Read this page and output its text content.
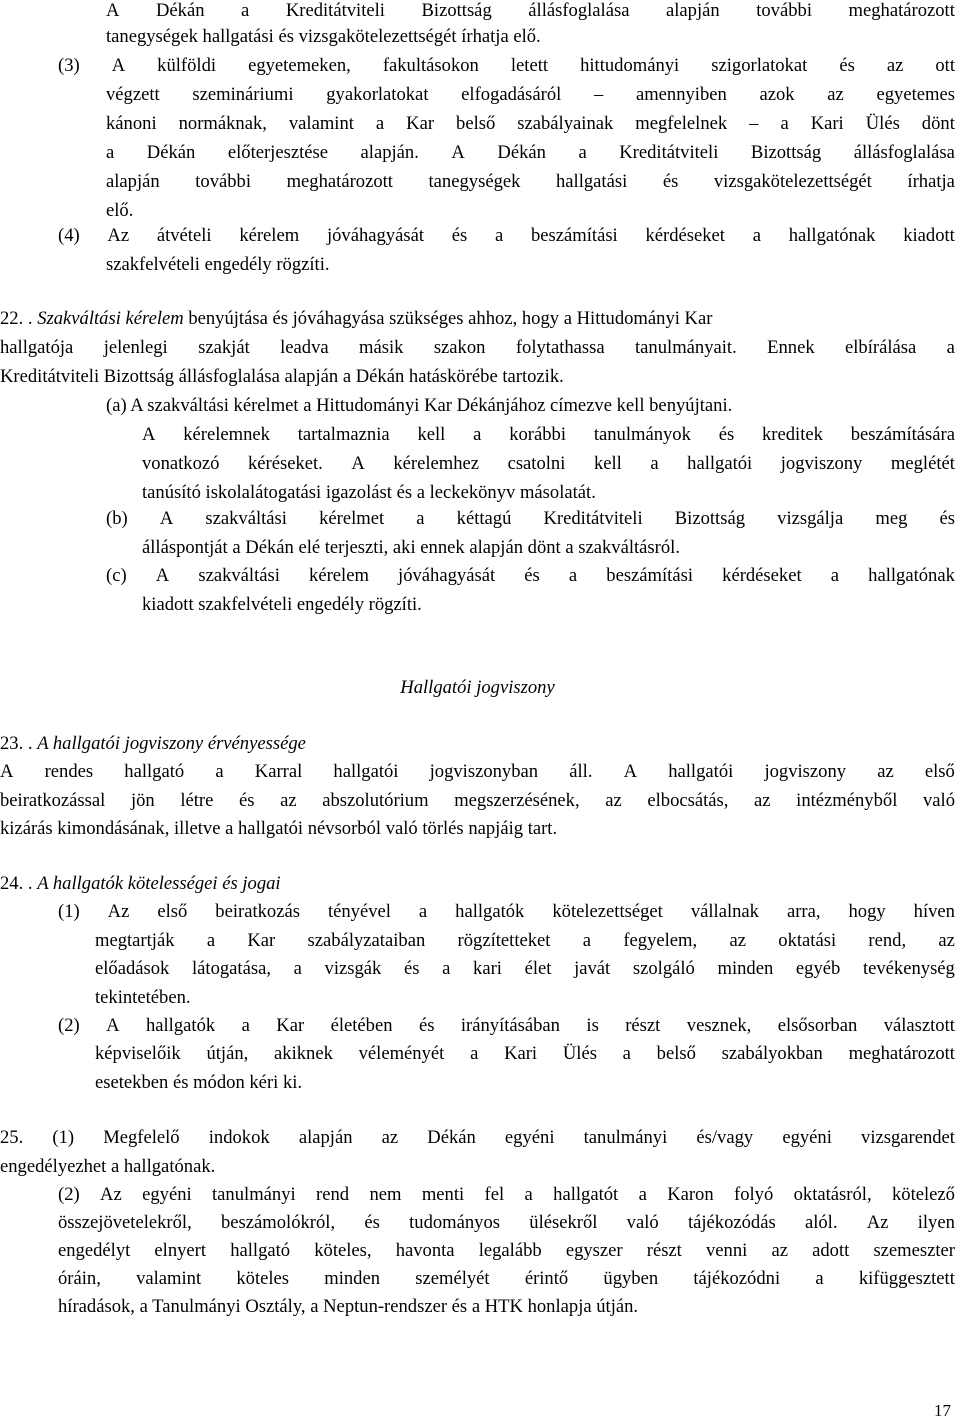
A Dékán a Kreditátviteli Bizottság állásfoglalása alapján további meghatározott
tanegységek hallgatási és vizsgakötelezettségét írhatja elő.
(3) A külföldi egyetemeken, fakultásokon letett hittudományi szigorlatokat és az ott
végzett szemináriumi gyakorlatokat elfogadásáról – amennyiben azok az egyetemes
kánoni normáknak, valamint a Kar belső szabályainak megfelelnek – a Kari Ülés dönt
a Dékán előterjesztése alapján. A Dékán a Kreditátviteli Bizottság állásfoglalása
alapján további meghatározott tanegységek hallgatási és vizsgakötelezettségét írhatja
elő.
(4) Az átvételi kérelem jóváhagyását és a beszámítási kérdéseket a hallgatónak kiadott
szakfelvételi engedély rögzíti.
22. . Szakváltási kérelem benyújtása és jóváhagyása szükséges ahhoz, hogy a Hittudományi Kar
hallgatója jelenlegi szakját leadva másik szakon folytathassa tanulmányait. Ennek elbírálása a
Kreditátviteli Bizottság állásfoglalása alapján a Dékán hatáskörébe tartozik.
(a) A szakváltási kérelmet a Hittudományi Kar Dékánjához címezve kell benyújtani.
A kérelemnek tartalmaznia kell a korábbi tanulmányok és kreditek beszámítására
vonatkozó kéréseket. A kérelemhez csatolni kell a hallgatói jogviszony meglétét
tanúsító iskolalátogatási igazolást és a leckekönyv másolatát.
(b) A szakváltási kérelmet a kéttagú Kreditátviteli Bizottság vizsgálja meg és
álláspontját a Dékán elé terjeszti, aki ennek alapján dönt a szakváltásról.
(c) A szakváltási kérelem jóváhagyását és a beszámítási kérdéseket a hallgatónak
kiadott szakfelvételi engedély rögzíti.
Hallgatói jogviszony
23. . A hallgatói jogviszony érvényessége
A rendes hallgató a Karral hallgatói jogviszonyban áll. A hallgatói jogviszony az első
beiratkozással jön létre és az abszolutórium megszerzésének, az elbocsátás, az intézményből való
kizárás kimondásának, illetve a hallgatói névsorból való törlés napjáig tart.
24. . A hallgatók kötelességei és jogai
(1) Az első beiratkozás tényével a hallgatók kötelezettséget vállalnak arra, hogy híven
megtartják a Kar szabályzataiban rögzítetteket a fegyelem, az oktatási rend, az
előadások látogatása, a vizsgák és a kari élet javát szolgáló minden egyéb tevékenység
tekintetében.
(2) A hallgatók a Kar életében és irányításában is részt vesznek, elsősorban választott
képviselőik útján, akiknek véleményét a Kari Ülés a belső szabályokban meghatározott
esetekben és módon kéri ki.
25. (1) Megfelelő indokok alapján az Dékán egyéni tanulmányi és/vagy egyéni vizsgarendet
engedélyezhet a hallgatónak.
(2) Az egyéni tanulmányi rend nem menti fel a hallgatót a Karon folyó oktatásról, kötelező
összejövetelekről, beszámolókról, és tudományos ülésekről való tájékozódás alól. Az ilyen
engedélyt elnyert hallgató köteles, havonta legalább egyszer részt venni az adott szemeszter
óráin, valamint köteles minden személyét érintő ügyben tájékozódni a kifüggesztett
híradások, a Tanulmányi Osztály, a Neptun-rendszer és a HTK honlapja útján.
17
